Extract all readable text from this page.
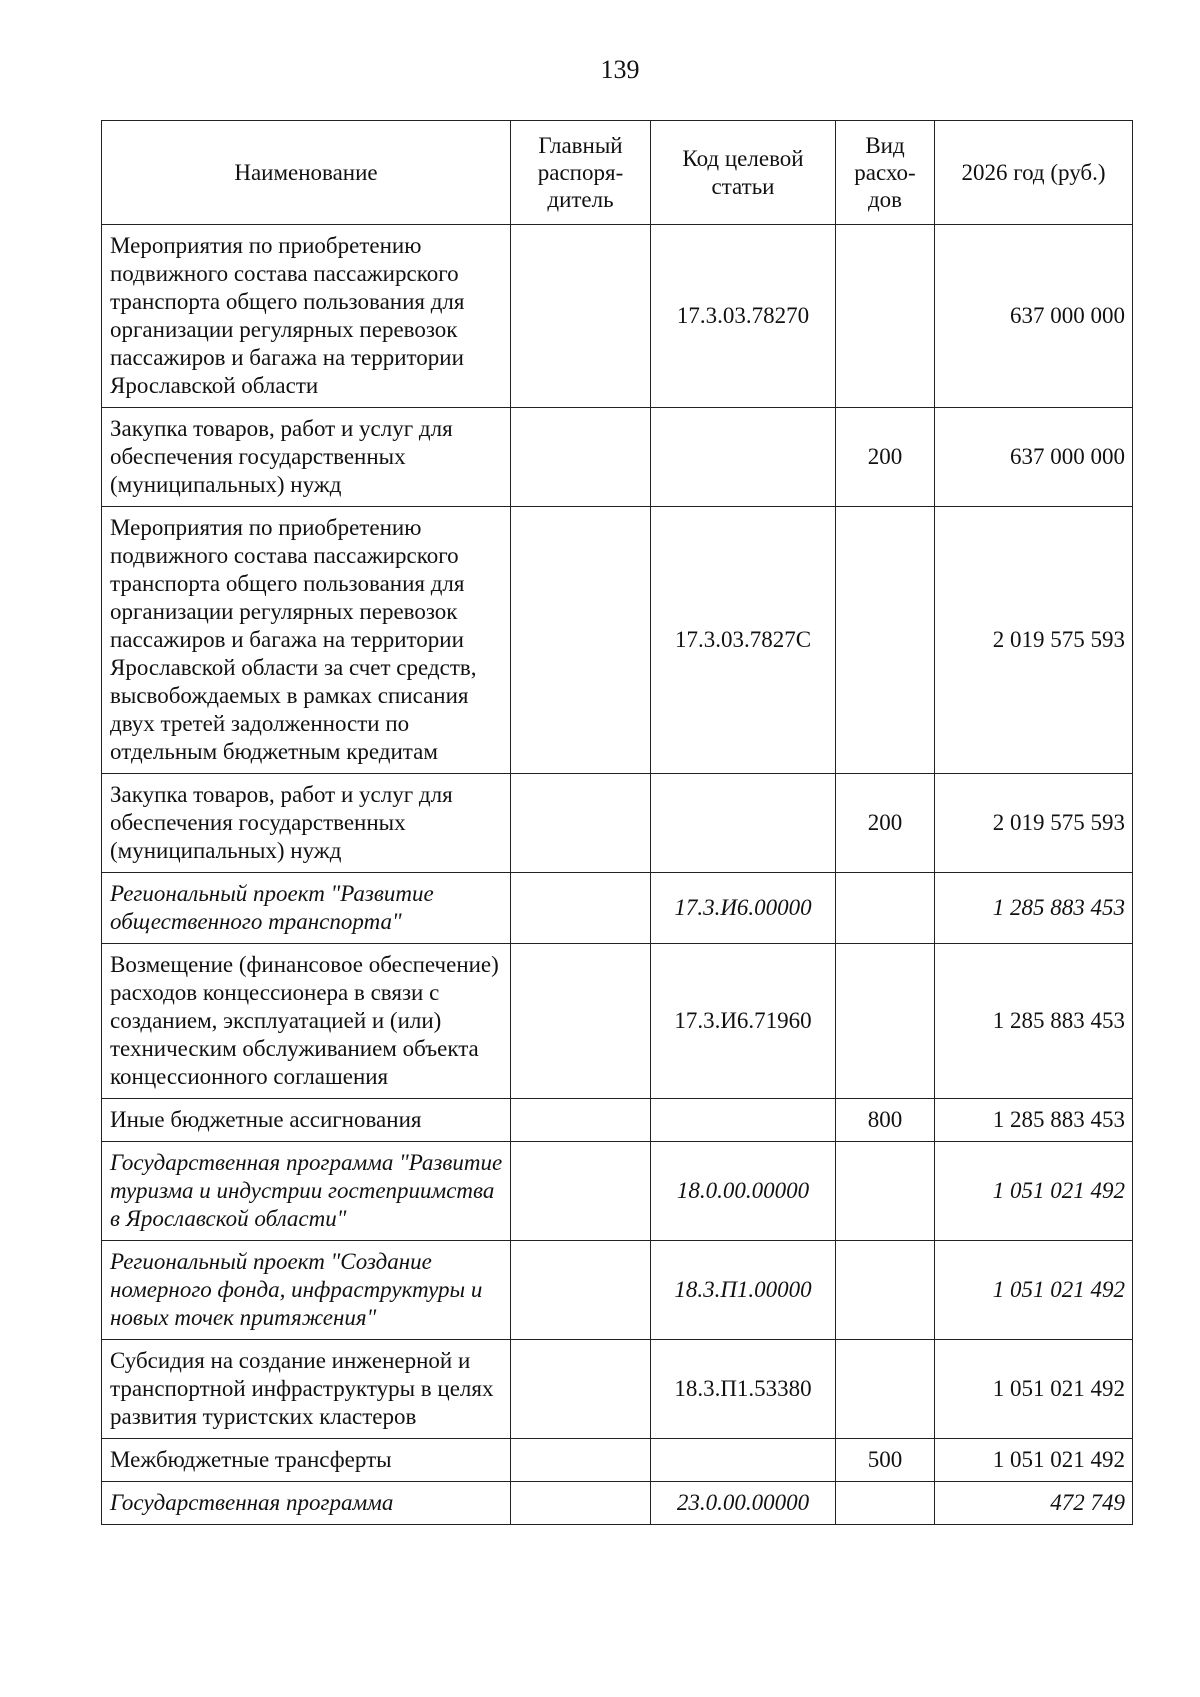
139
Наименование	Главный распоря-дитель	Код целевой статьи	Вид расхо-дов	2026 год (руб.)
Мероприятия по приобретению подвижного состава пассажирского транспорта общего пользования для организации регулярных перевозок пассажиров и багажа на территории Ярославской области		17.3.03.78270		637 000 000
Закупка товаров, работ и услуг для обеспечения государственных (муниципальных) нужд			200	637 000 000
Мероприятия по приобретению подвижного состава пассажирского транспорта общего пользования для организации регулярных перевозок пассажиров и багажа на территории Ярославской области за счет средств, высвобождаемых в рамках списания двух третей задолженности по отдельным бюджетным кредитам		17.3.03.7827С		2 019 575 593
Закупка товаров, работ и услуг для обеспечения государственных (муниципальных) нужд			200	2 019 575 593
Региональный проект "Развитие общественного транспорта"		17.3.И6.00000		1 285 883 453
Возмещение (финансовое обеспечение) расходов концессионера в связи с созданием, эксплуатацией и (или) техническим обслуживанием объекта концессионного соглашения		17.3.И6.71960		1 285 883 453
Иные бюджетные ассигнования			800	1 285 883 453
Государственная программа "Развитие туризма и индустрии гостеприимства в Ярославской области"		18.0.00.00000		1 051 021 492
Региональный проект "Создание номерного фонда, инфраструктуры и новых точек притяжения"		18.3.П1.00000		1 051 021 492
Субсидия на создание инженерной и транспортной инфраструктуры в целях развития туристских кластеров		18.3.П1.53380		1 051 021 492
Межбюджетные трансферты			500	1 051 021 492
Государственная программа		23.0.00.00000		472 749
